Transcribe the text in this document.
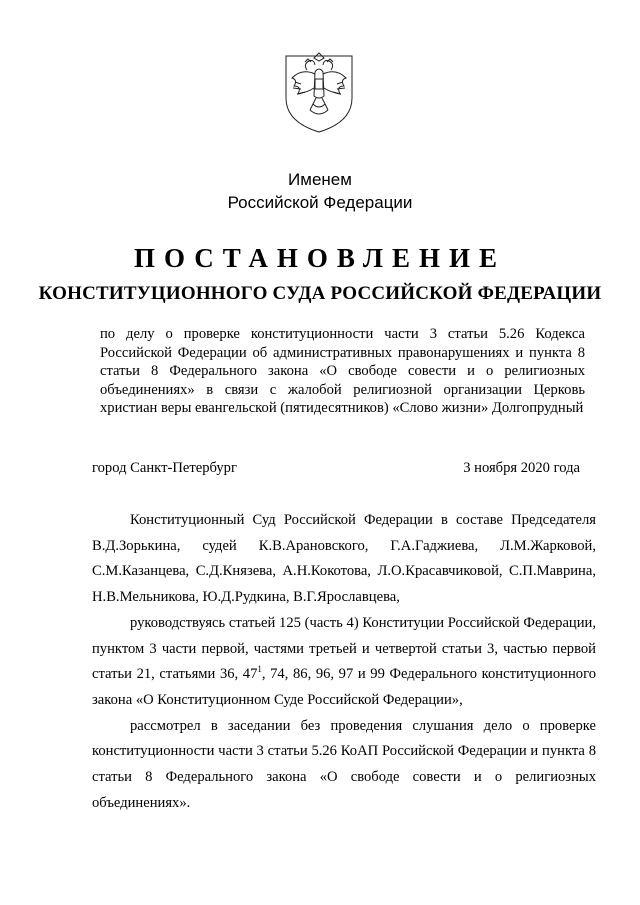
Именем
Российской Федерации
ПОСТАНОВЛЕНИЕ
КОНСТИТУЦИОННОГО СУДА РОССИЙСКОЙ ФЕДЕРАЦИИ
по делу о проверке конституционности части 3 статьи 5.26 Кодекса Российской Федерации об административных правонарушениях и пункта 8 статьи 8 Федерального закона «О свободе совести и о религиозных объединениях» в связи с жалобой религиозной организации Церковь христиан веры евангельской (пятидесятников) «Слово жизни» Долгопрудный
город Санкт-Петербург	3 ноября 2020 года

Конституционный Суд Российской Федерации в составе Председателя В.Д.Зорькина, судей К.В.Арановского, Г.А.Гаджиева, Л.М.Жарковой, С.М.Казанцева, С.Д.Князева, А.Н.Кокотова, Л.О.Красавчиковой, С.П.Маврина, Н.В.Мельникова, Ю.Д.Рудкина, В.Г.Ярославцева,

руководствуясь статьей 125 (часть 4) Конституции Российской Федерации, пунктом 3 части первой, частями третьей и четвертой статьи 3, частью первой статьи 21, статьями 36, $47^1$, 74, 86, 96, 97 и 99 Федерального конституционного закона «О Конституционном Суде Российской Федерации»,

рассмотрел в заседании без проведения слушания дело о проверке конституционности части 3 статьи 5.26 КоАП Российской Федерации и пункта 8 статьи 8 Федерального закона «О свободе совести и о религиозных объединениях».
